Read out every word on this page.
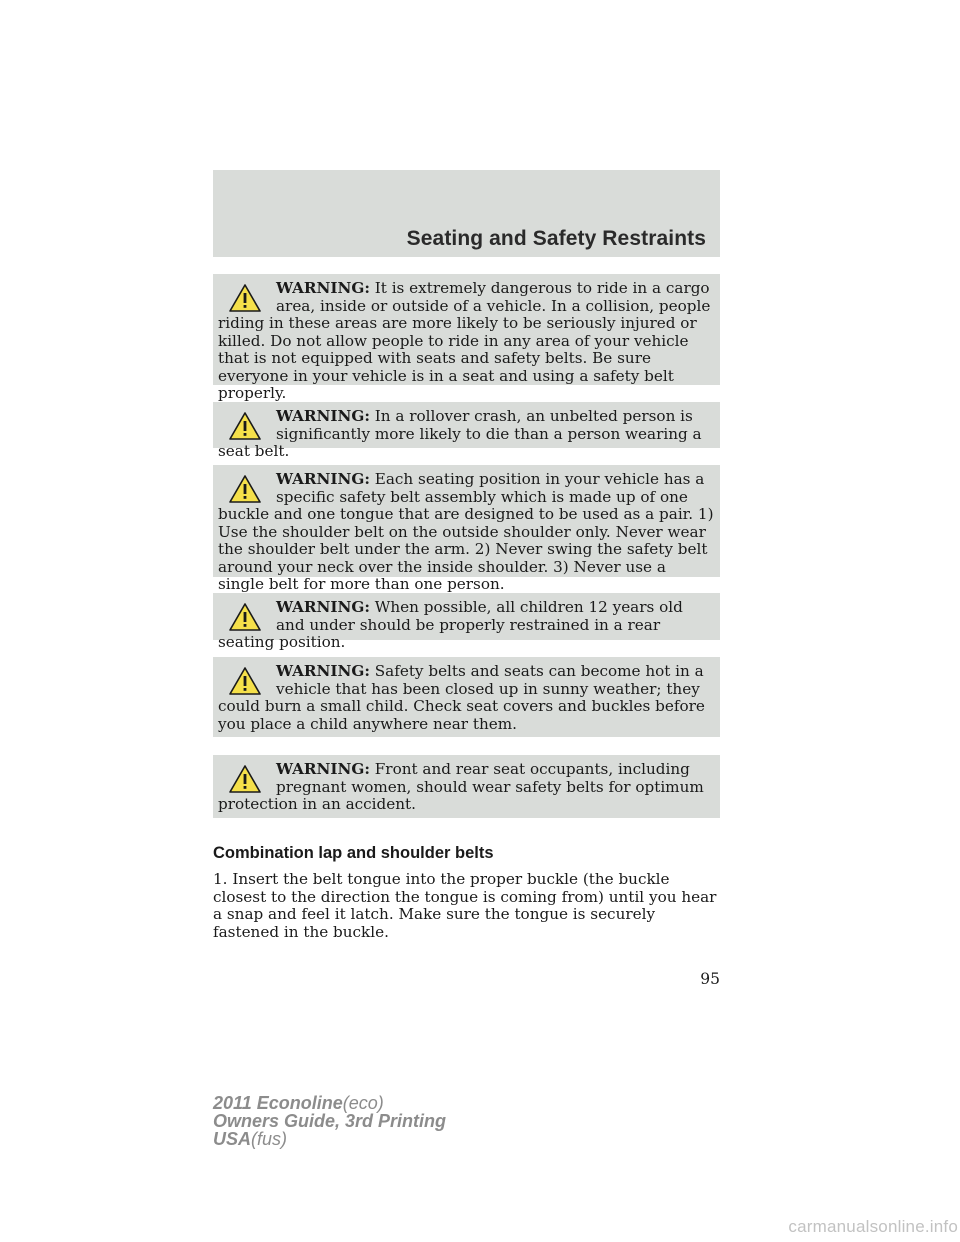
Seating and Safety Restraints
WARNING: It is extremely dangerous to ride in a cargo area, inside or outside of a vehicle. In a collision, people riding in these areas are more likely to be seriously injured or killed. Do not allow people to ride in any area of your vehicle that is not equipped with seats and safety belts. Be sure everyone in your vehicle is in a seat and using a safety belt properly.
WARNING: In a rollover crash, an unbelted person is significantly more likely to die than a person wearing a seat belt.
WARNING: Each seating position in your vehicle has a specific safety belt assembly which is made up of one buckle and one tongue that are designed to be used as a pair. 1) Use the shoulder belt on the outside shoulder only. Never wear the shoulder belt under the arm. 2) Never swing the safety belt around your neck over the inside shoulder. 3) Never use a single belt for more than one person.
WARNING: When possible, all children 12 years old and under should be properly restrained in a rear seating position.
WARNING: Safety belts and seats can become hot in a vehicle that has been closed up in sunny weather; they could burn a small child. Check seat covers and buckles before you place a child anywhere near them.
WARNING: Front and rear seat occupants, including pregnant women, should wear safety belts for optimum protection in an accident.
Combination lap and shoulder belts
1. Insert the belt tongue into the proper buckle (the buckle closest to the direction the tongue is coming from) until you hear a snap and feel it latch. Make sure the tongue is securely fastened in the buckle.
95
2011 Econoline(eco)
Owners Guide, 3rd Printing
USA(fus)
carmanualsonline.info
